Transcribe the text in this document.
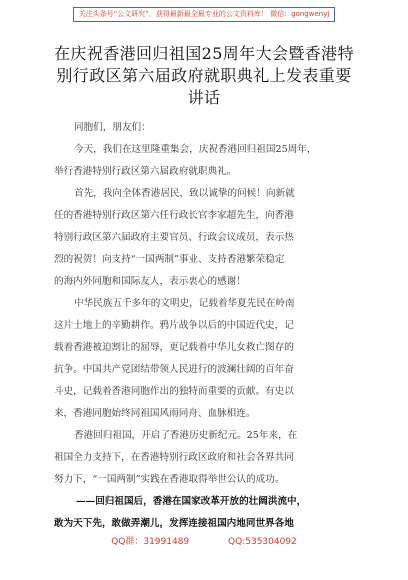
关注头条号“公文研究”，获得最新最全最专业的公文资料库！ 微信：gongwenyj
在庆祝香港回归祖国25周年大会暨香港特
别行政区第六届政府就职典礼上发表重要
讲话
同胞们，朋友们：
今天，我们在这里隆重集会，庆祝香港回归祖国25周年，
举行香港特别行政区第六届政府就职典礼。
首先，我向全体香港居民，致以诚挚的问候！向新就
任的香港特别行政区第六任行政长官李家超先生，向香港
特别行政区第六届政府主要官员、行政会议成员，表示热
烈的祝贺！向支持“一国两制”事业、支持香港繁荣稳定
的海内外同胞和国际友人，表示衷心的感谢！
中华民族五千多年的文明史，记载着华夏先民在岭南
这片土地上的辛勤耕作。鸦片战争以后的中国近代史，记
载着香港被迫割让的屈辱，更记载着中华儿女救亡图存的
抗争。中国共产党团结带领人民进行的波澜壮阔的百年奋
斗史，记载着香港同胞作出的独特而重要的贡献。有史以
来，香港同胞始终同祖国风雨同舟、血脉相连。
香港回归祖国，开启了香港历史新纪元。25年来，在
祖国全力支持下，在香港特别行政区政府和社会各界共同
努力下，“一国两制”实践在香港取得举世公认的成功。
——回归祖国后，香港在国家改革开放的壮阔洪流中，
敢为天下先，敢做弄潮儿，发挥连接祖国内地同世界各地
QQ群：31991489	QQ:535304092
